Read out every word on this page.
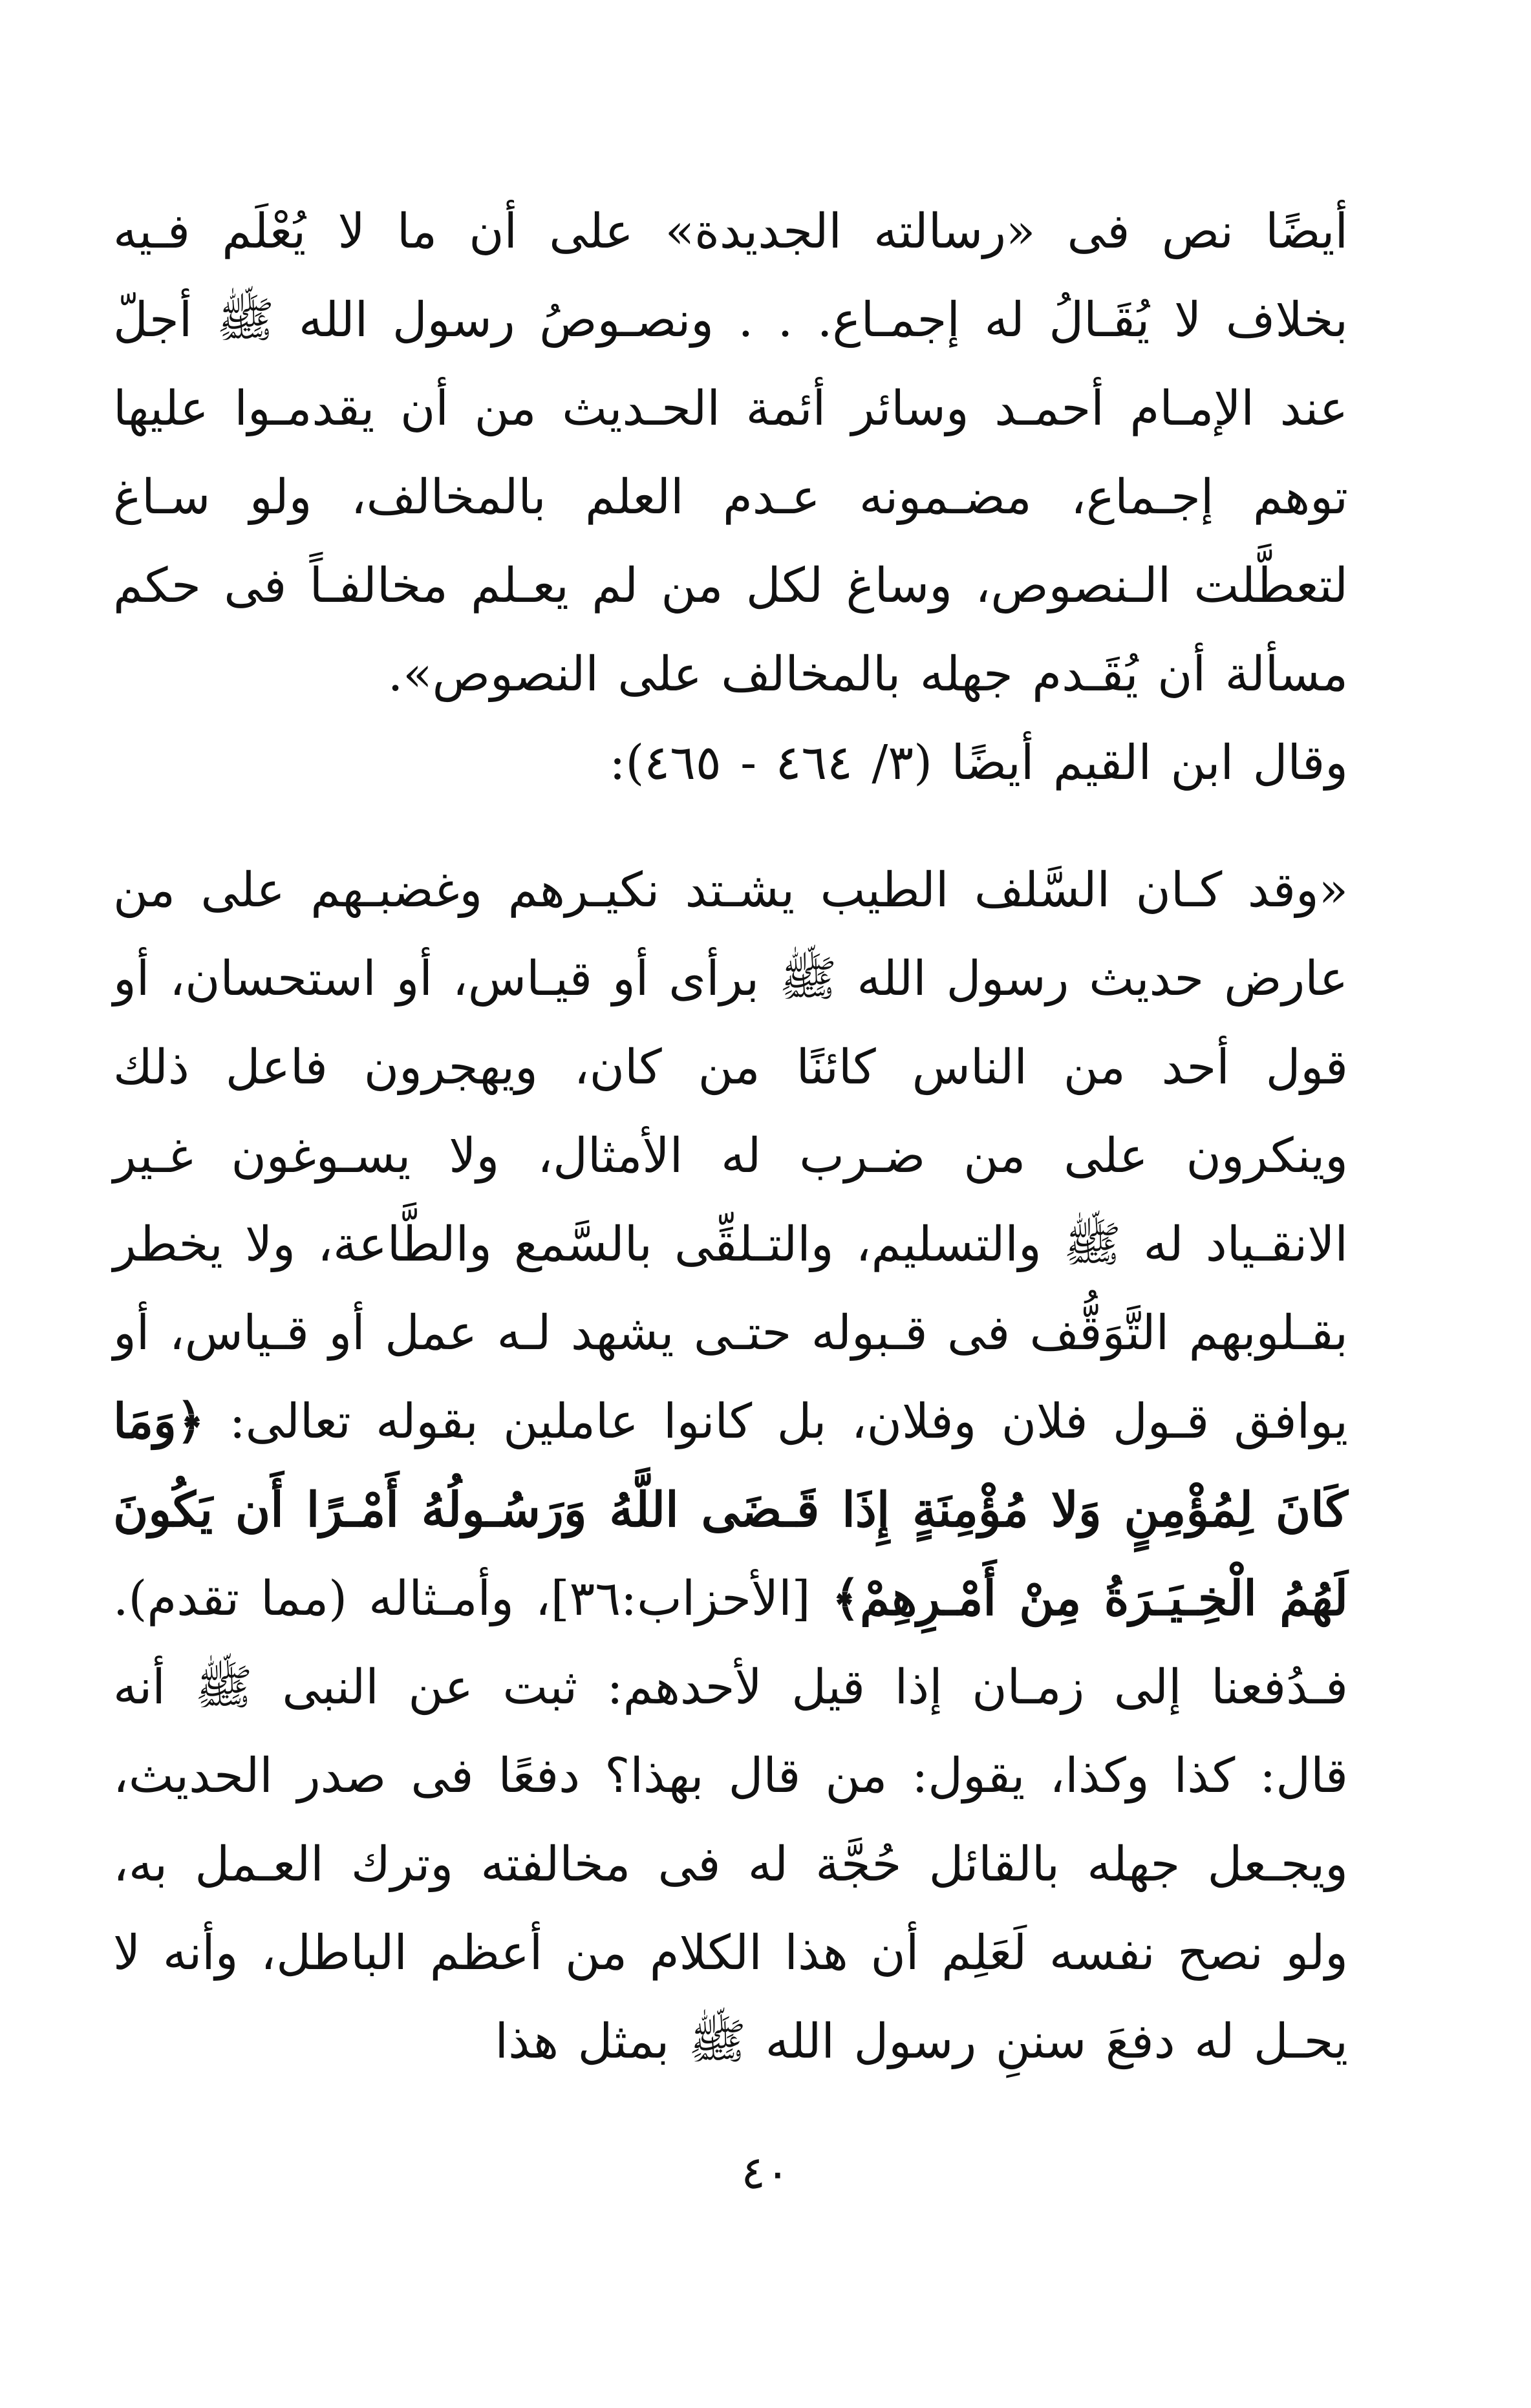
أيضًا نص فى «رسالته الجديدة» على أن ما لا يُعْلَم فـيه بخلاف لا يُقَـالُ له إجمـاع. . . ونصـوصُ رسول الله ﷺ أجلّ عند الإمـام أحمـد وسائر أئمة الحـديث من أن يقدمـوا عليها توهم إجـماع، مضـمونه عـدم العلم بالمخالف، ولو سـاغ لتعطَّلت الـنصوص، وساغ لكل من لم يعـلم مخالفـاً فى حكم مسألة أن يُقَـدم جهله بالمخالف على النصوص».

وقال ابن القيم أيضًا (٣/ ٤٦٤ - ٤٦٥):

«وقد كـان السَّلف الطيب يشـتد نكيـرهم وغضبـهم على من عارض حديث رسول الله ﷺ برأى أو قيـاس، أو استحسان، أو قول أحد من الناس كائنًا من كان، ويهجرون فاعل ذلك وينكرون على من ضـرب له الأمثال، ولا يسـوغون غـير الانقـياد له ﷺ والتسليم، والتـلقِّى بالسَّمع والطَّاعة، ولا يخطر بقـلوبهم التَّوَقُّف فى قـبوله حتـى يشهد لـه عمل أو قـياس، أو يوافق قـول فلان وفلان، بل كانوا عاملين بقوله تعالى: ﴿وَمَا كَانَ لِمُؤْمِنٍ وَلا مُؤْمِنَةٍ إِذَا قَـضَى اللَّهُ وَرَسُـولُهُ أَمْـرًا أَن يَكُونَ لَهُمُ الْخِـيَـرَةُ مِنْ أَمْـرِهِمْ﴾ [الأحزاب:٣٦]، وأمـثاله (مما تقدم). فـدُفعنا إلى زمـان إذا قيل لأحدهم: ثبت عن النبى ﷺ أنه قال: كذا وكذا، يقول: من قال بهذا؟ دفعًا فى صدر الحديث، ويجـعل جهله بالقائل حُجَّة له فى مخالفته وترك العـمل به، ولو نصح نفسه لَعَلِم أن هذا الكلام من أعظم الباطل، وأنه لا يحـل له دفعَ سننِ رسول الله ﷺ بمثل هذا

٤٠
